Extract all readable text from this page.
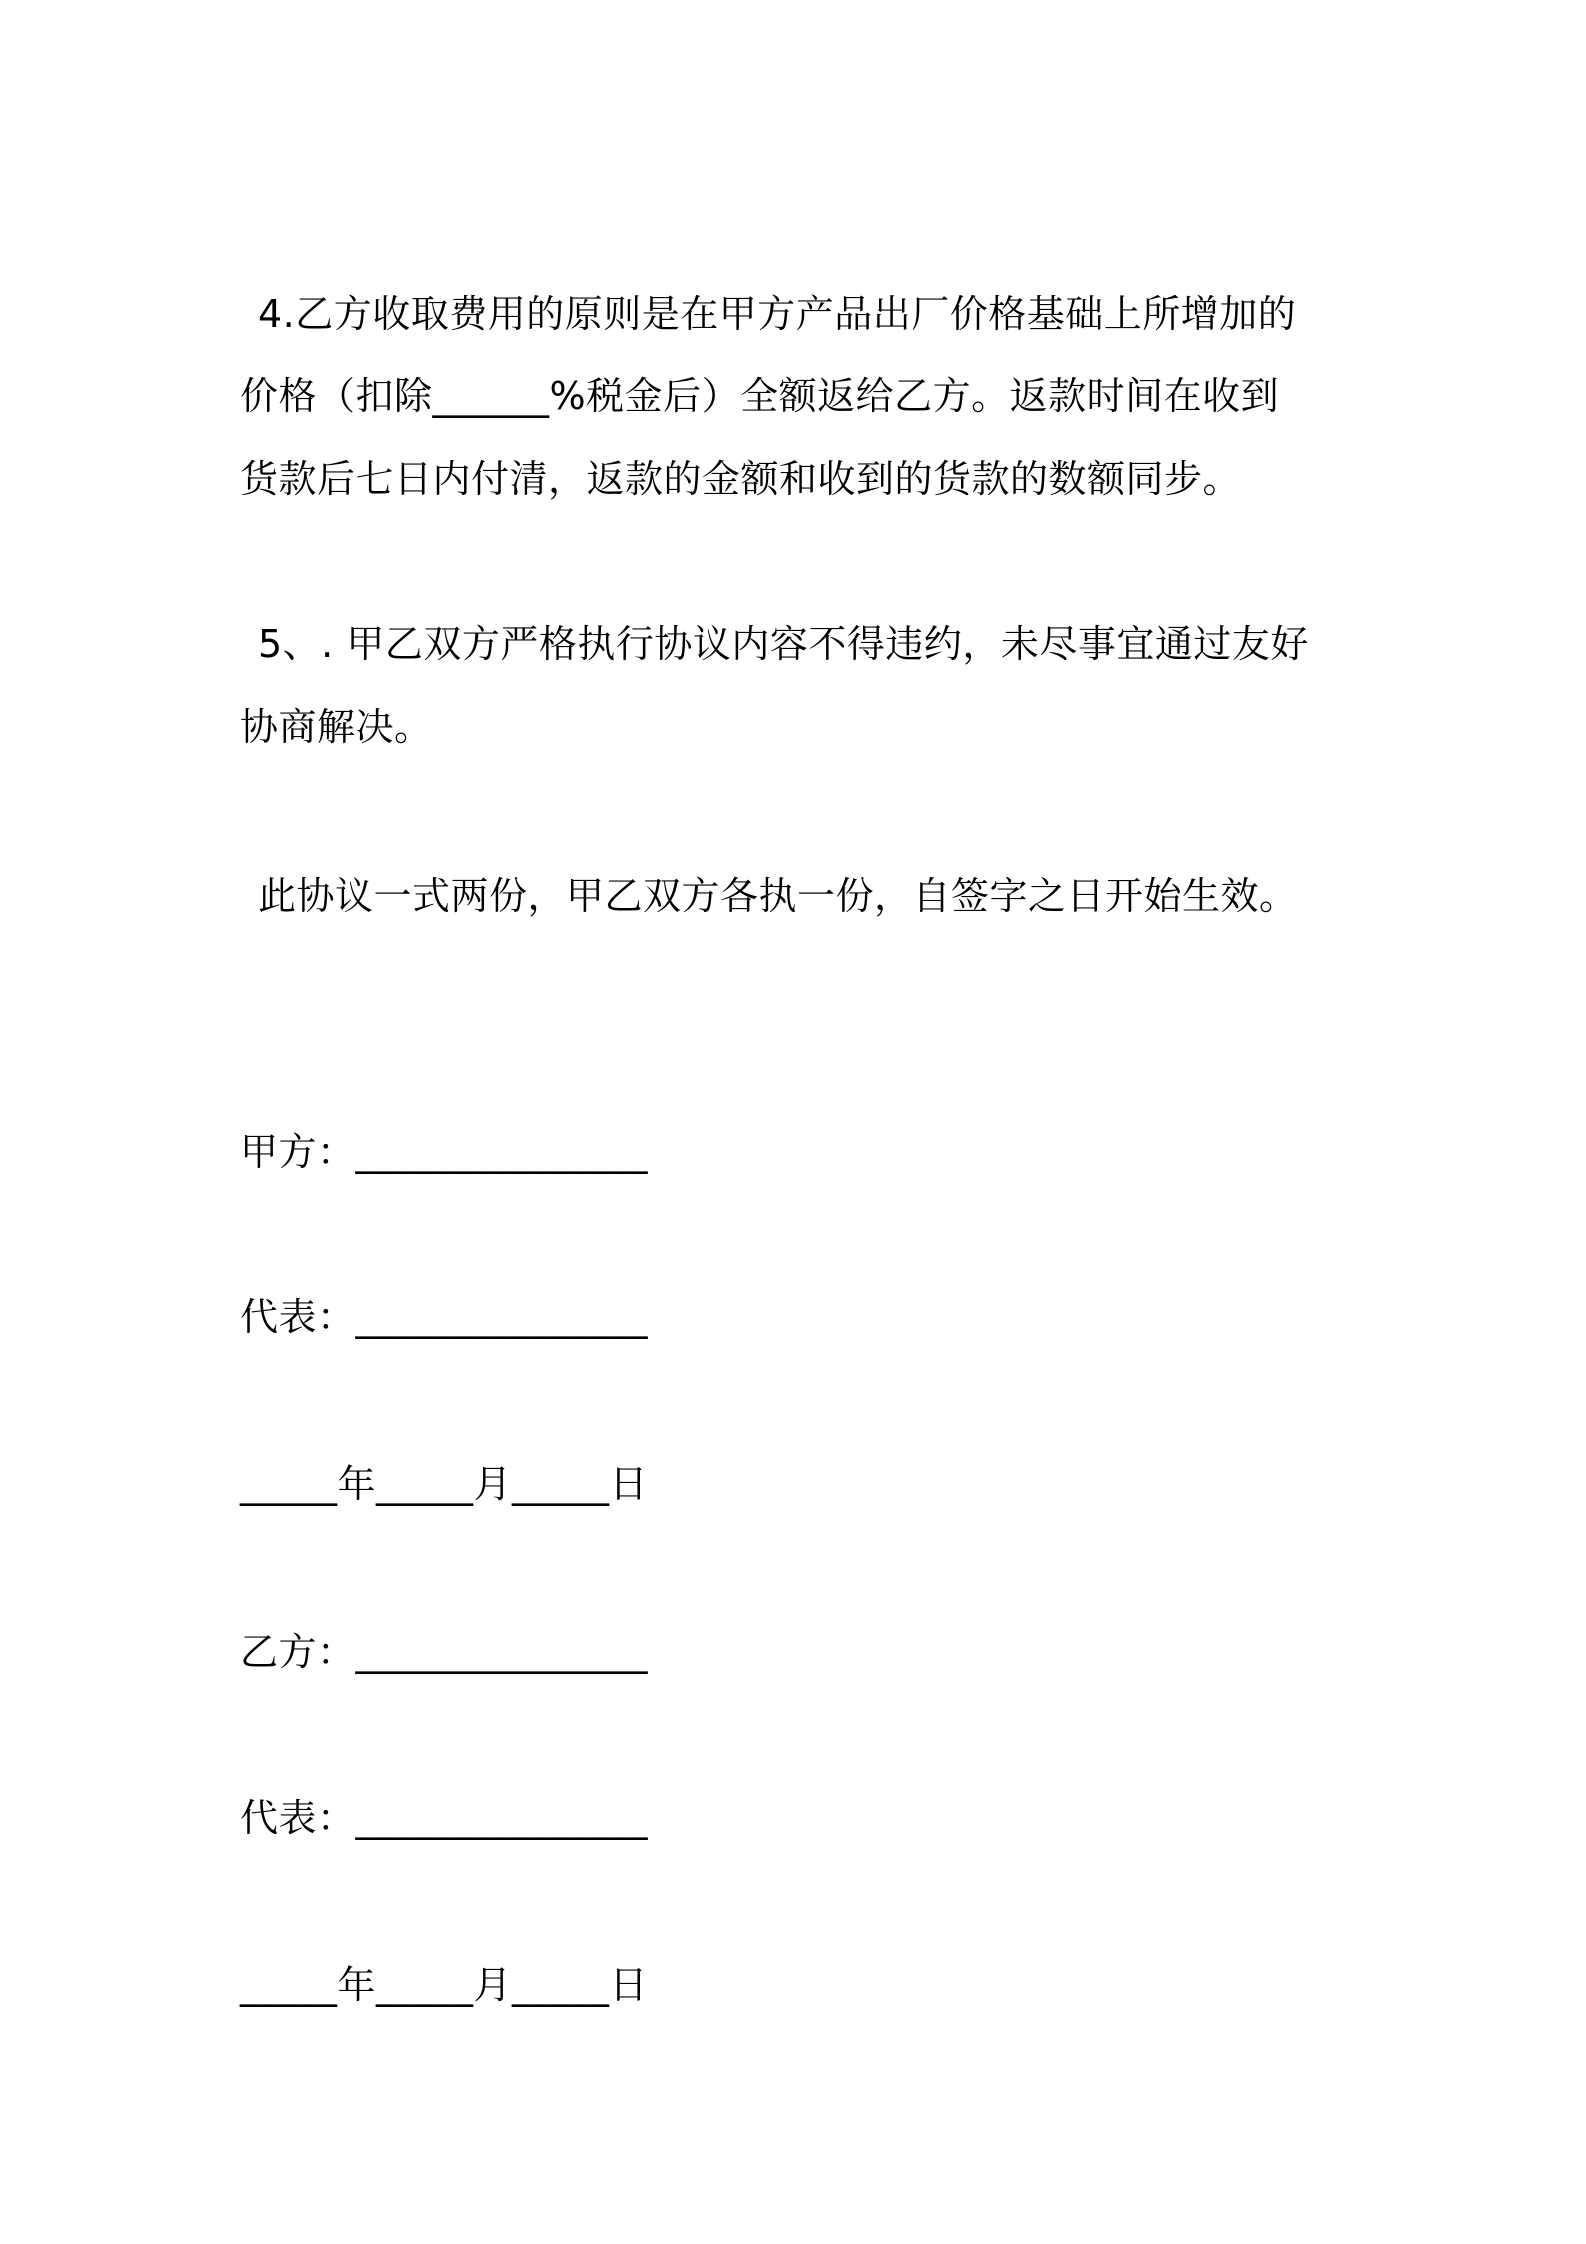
4.乙方收取费用的原则是在甲方产品出厂价格基础上所增加的
价格（扣除______%税金后）全额返给乙方。返款时间在收到
货款后七日内付清，返款的金额和收到的货款的数额同步。
5、. 甲乙双方严格执行协议内容不得违约，未尽事宜通过友好
协商解决。
此协议一式两份，甲乙双方各执一份，自签字之日开始生效。
甲方：_______________
代表：_______________
_____年_____月_____日
乙方：_______________
代表：_______________
_____年_____月_____日
